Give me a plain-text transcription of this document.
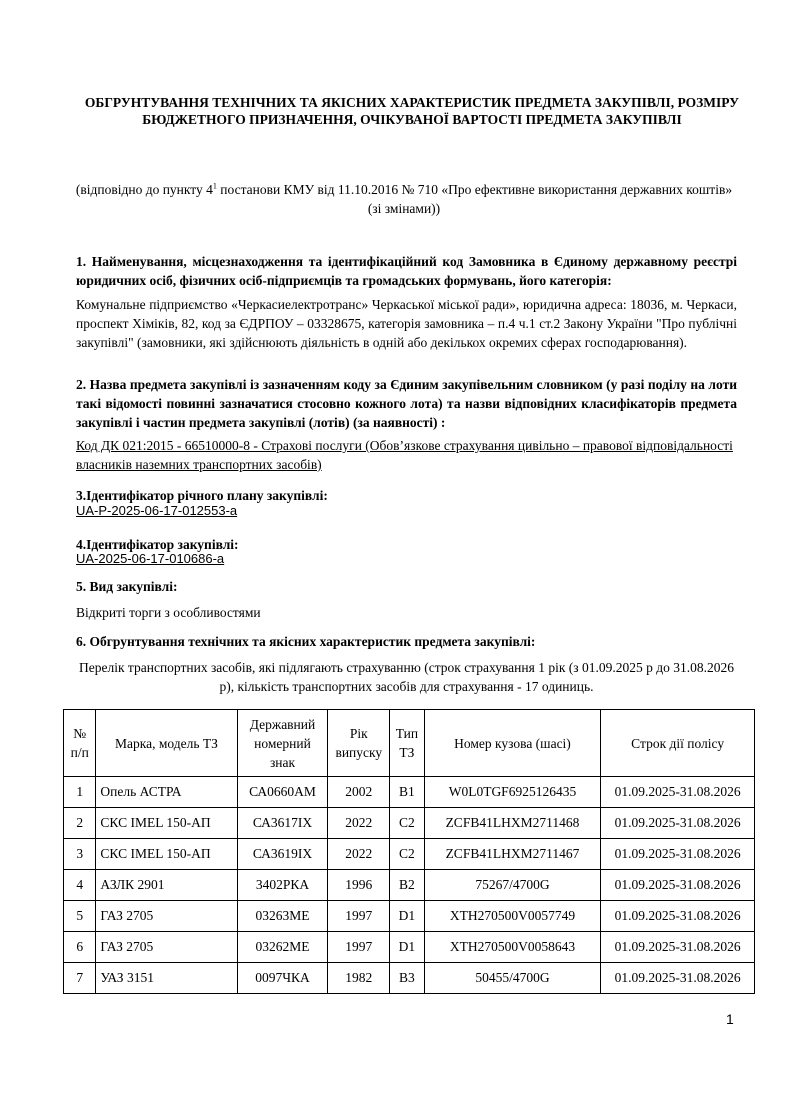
ОБГРУНТУВАННЯ ТЕХНІЧНИХ ТА ЯКІСНИХ ХАРАКТЕРИСТИК ПРЕДМЕТА ЗАКУПІВЛІ, РОЗМІРУ БЮДЖЕТНОГО ПРИЗНАЧЕННЯ, ОЧІКУВАНОЇ ВАРТОСТІ ПРЕДМЕТА ЗАКУПІВЛІ
(відповідно до пункту $4^1$ постанови КМУ від 11.10.2016 № 710 «Про ефективне використання державних коштів» (зі змінами))
1. Найменування, місцезнаходження та ідентифікаційний код Замовника в Єдиному державному реєстрі юридичних осіб, фізичних осіб-підприємців та громадських формувань, його категорія:
Комунальне підприємство «Черкасиелектротранс» Черкаської міської ради», юридична адреса: 18036, м. Черкаси, проспект Хіміків, 82, код за ЄДРПОУ – 03328675, категорія замовника – п.4 ч.1 ст.2 Закону України "Про публічні закупівлі" (замовники, які здійснюють діяльність в одній або декількох окремих сферах господарювання).
2. Назва предмета закупівлі із зазначенням коду за Єдиним закупівельним словником (у разі поділу на лоти такі відомості повинні зазначатися стосовно кожного лота) та назви відповідних класифікаторів предмета закупівлі і частин предмета закупівлі (лотів) (за наявності) :
Код ДК 021:2015 - 66510000-8 - Страхові послуги (Обов’язкове страхування цивільно – правової відповідальності власників наземних транспортних засобів)
3.Ідентифікатор річного плану закупівлі:
UA-P-2025-06-17-012553-a
4.Ідентифікатор закупівлі:
UA-2025-06-17-010686-a
5. Вид закупівлі:
Відкриті торги з особливостями
6. Обгрунтування технічних та якісних характеристик предмета закупівлі:
Перелік транспортних засобів, які підлягають страхуванню (строк страхування 1 рік (з 01.09.2025 р до 31.08.2026 р), кількість транспортних засобів для страхування - 17 одиниць.
№ п/п	Марка, модель ТЗ	Державний номерний знак	Рік випуску	Тип ТЗ	Номер кузова (шасі)	Строк дії полісу
1	Опель АСТРА	СА0660АМ	2002	B1	W0L0TGF6925126435	01.09.2025-31.08.2026
2	СКС IMEL 150-АП	СА3617ІХ	2022	C2	ZCFB41LHXM2711468	01.09.2025-31.08.2026
3	СКС IMEL 150-АП	СА3619ІХ	2022	C2	ZCFB41LHXM2711467	01.09.2025-31.08.2026
4	АЗЛК 2901	3402РКА	1996	B2	75267/4700G	01.09.2025-31.08.2026
5	ГАЗ 2705	03263МЕ	1997	D1	XTH270500V0057749	01.09.2025-31.08.2026
6	ГАЗ 2705	03262МЕ	1997	D1	XTH270500V0058643	01.09.2025-31.08.2026
7	УАЗ 3151	0097ЧКА	1982	B3	50455/4700G	01.09.2025-31.08.2026
1
